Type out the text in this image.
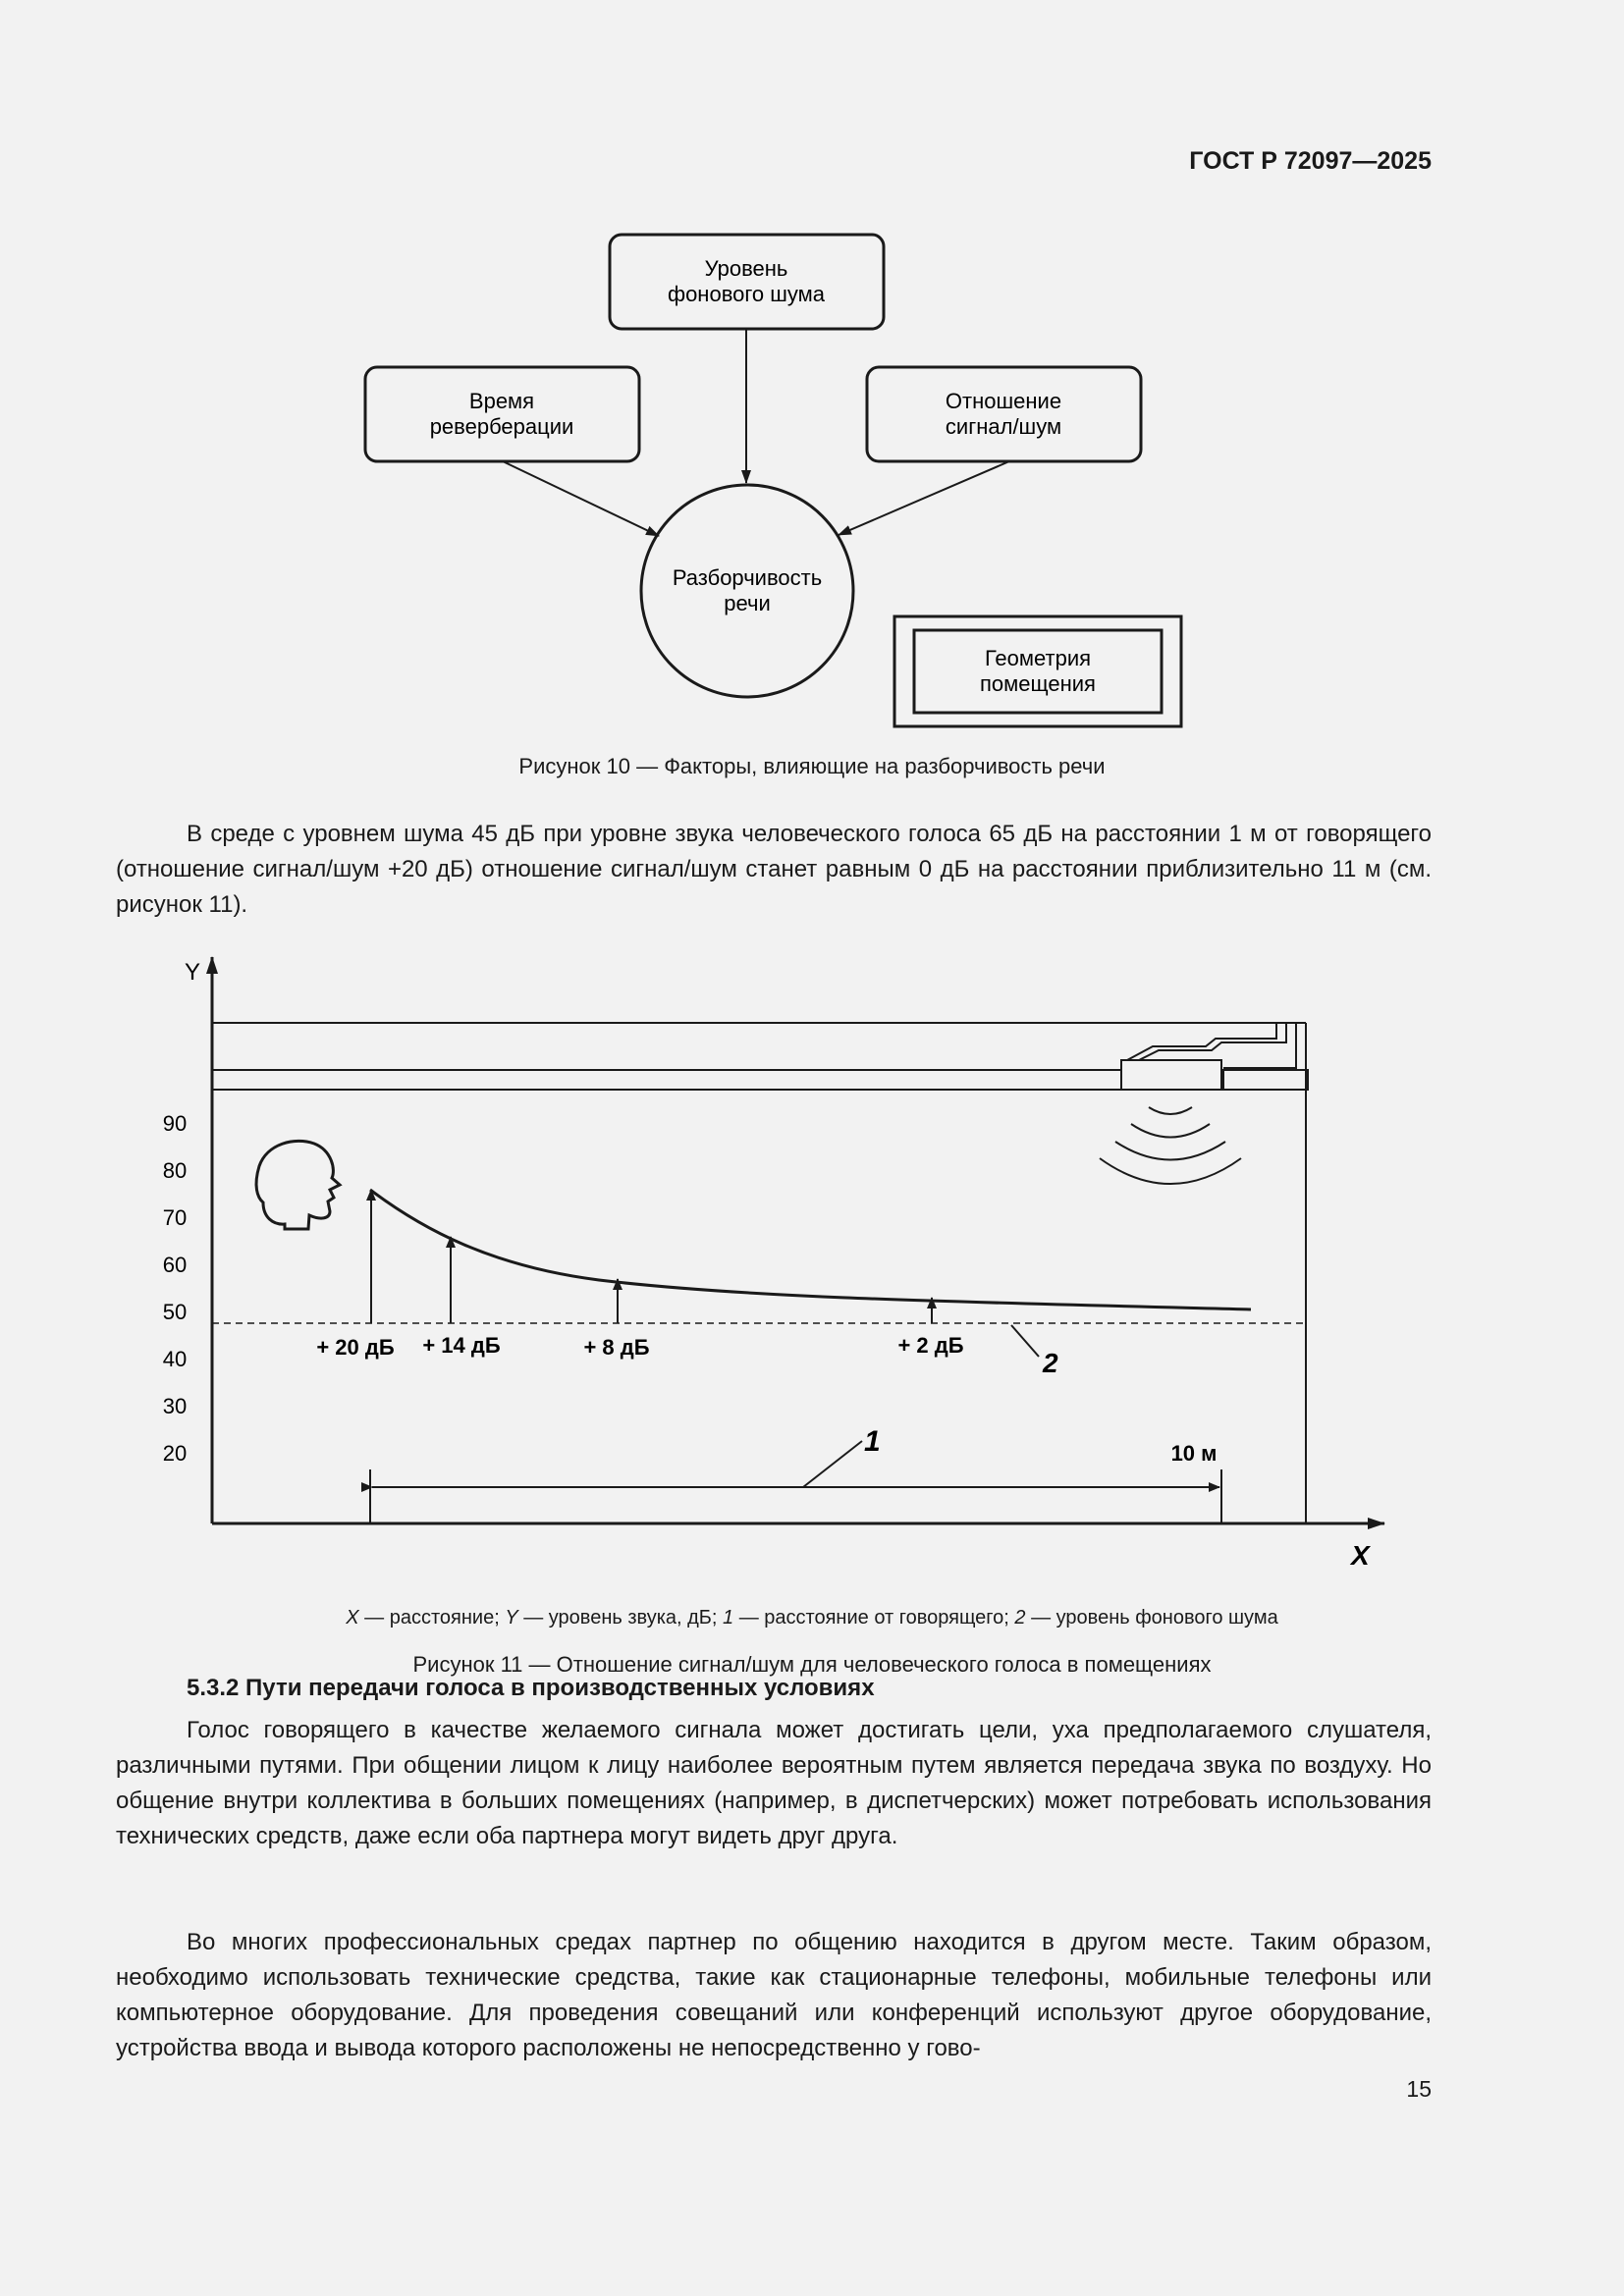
ГОСТ Р 72097—2025
Уровень
фонового шума
Время
реверберации
Отношение
сигнал/шум
Разборчивость
речи
Геометрия
помещения
Рисунок 10 — Факторы, влияющие на разборчивость речи

В среде с уровнем шума 45 дБ при уровне звука человеческого голоса 65 дБ на расстоянии 1 м от говорящего (отношение сигнал/шум +20 дБ) отношение сигнал/шум станет равным 0 дБ на расстоянии приблизительно 11 м (см. рисунок 11).

Y
X
90
80
70
60
50
40
30
20
+ 20 дБ + 14 дБ	+ 8 дБ	+ 2 дБ
2
10 м
1
X — расстояние; Y — уровень звука, дБ; 1 — расстояние от говорящего; 2 — уровень фонового шума
Рисунок 11 — Отношение сигнал/шум для человеческого голоса в помещениях
5.3.2 Пути передачи голоса в производственных условиях

Голос говорящего в качестве желаемого сигнала может достигать цели, уха предполагаемого слушателя, различными путями. При общении лицом к лицу наиболее вероятным путем является передача звука по воздуху. Но общение внутри коллектива в больших помещениях (например, в диспетчерских) может потребовать использования технических средств, даже если оба партнера могут видеть друг друга.

Во многих профессиональных средах партнер по общению находится в другом месте. Таким образом, необходимо использовать технические средства, такие как стационарные телефоны, мобильные телефоны или компьютерное оборудование. Для проведения совещаний или конференций используют другое оборудование, устройства ввода и вывода которого расположены не непосредственно у гово-

15
